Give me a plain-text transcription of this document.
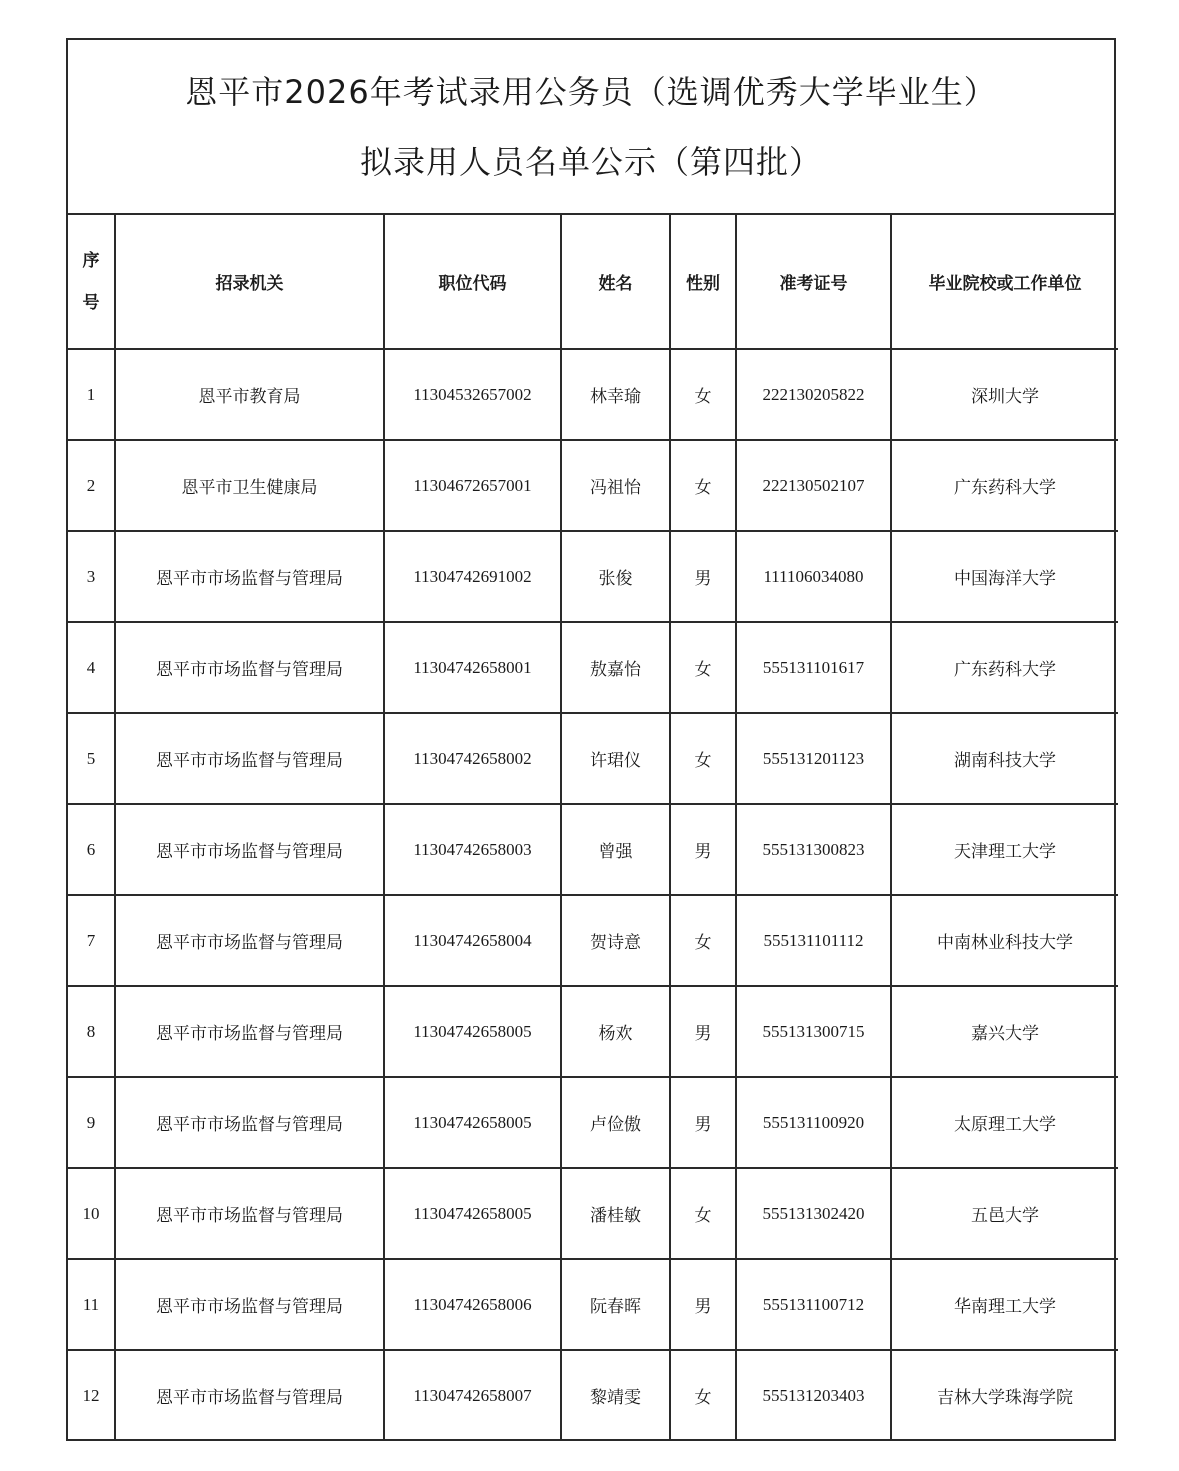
恩平市2026年考试录用公务员（选调优秀大学毕业生）
拟录用人员名单公示（第四批）
序
号	招录机关	职位代码	姓名	性别	准考证号	毕业院校或工作单位
1	恩平市教育局	11304532657002	林幸瑜	女	222130205822	深圳大学
2	恩平市卫生健康局	11304672657001	冯祖怡	女	222130502107	广东药科大学
3	恩平市市场监督与管理局	11304742691002	张俊	男	111106034080	中国海洋大学
4	恩平市市场监督与管理局	11304742658001	敖嘉怡	女	555131101617	广东药科大学
5	恩平市市场监督与管理局	11304742658002	许珺仪	女	555131201123	湖南科技大学
6	恩平市市场监督与管理局	11304742658003	曾强	男	555131300823	天津理工大学
7	恩平市市场监督与管理局	11304742658004	贺诗意	女	555131101112	中南林业科技大学
8	恩平市市场监督与管理局	11304742658005	杨欢	男	555131300715	嘉兴大学
9	恩平市市场监督与管理局	11304742658005	卢俭傲	男	555131100920	太原理工大学
10	恩平市市场监督与管理局	11304742658005	潘桂敏	女	555131302420	五邑大学
11	恩平市市场监督与管理局	11304742658006	阮春晖	男	555131100712	华南理工大学
12	恩平市市场监督与管理局	11304742658007	黎靖雯	女	555131203403	吉林大学珠海学院
